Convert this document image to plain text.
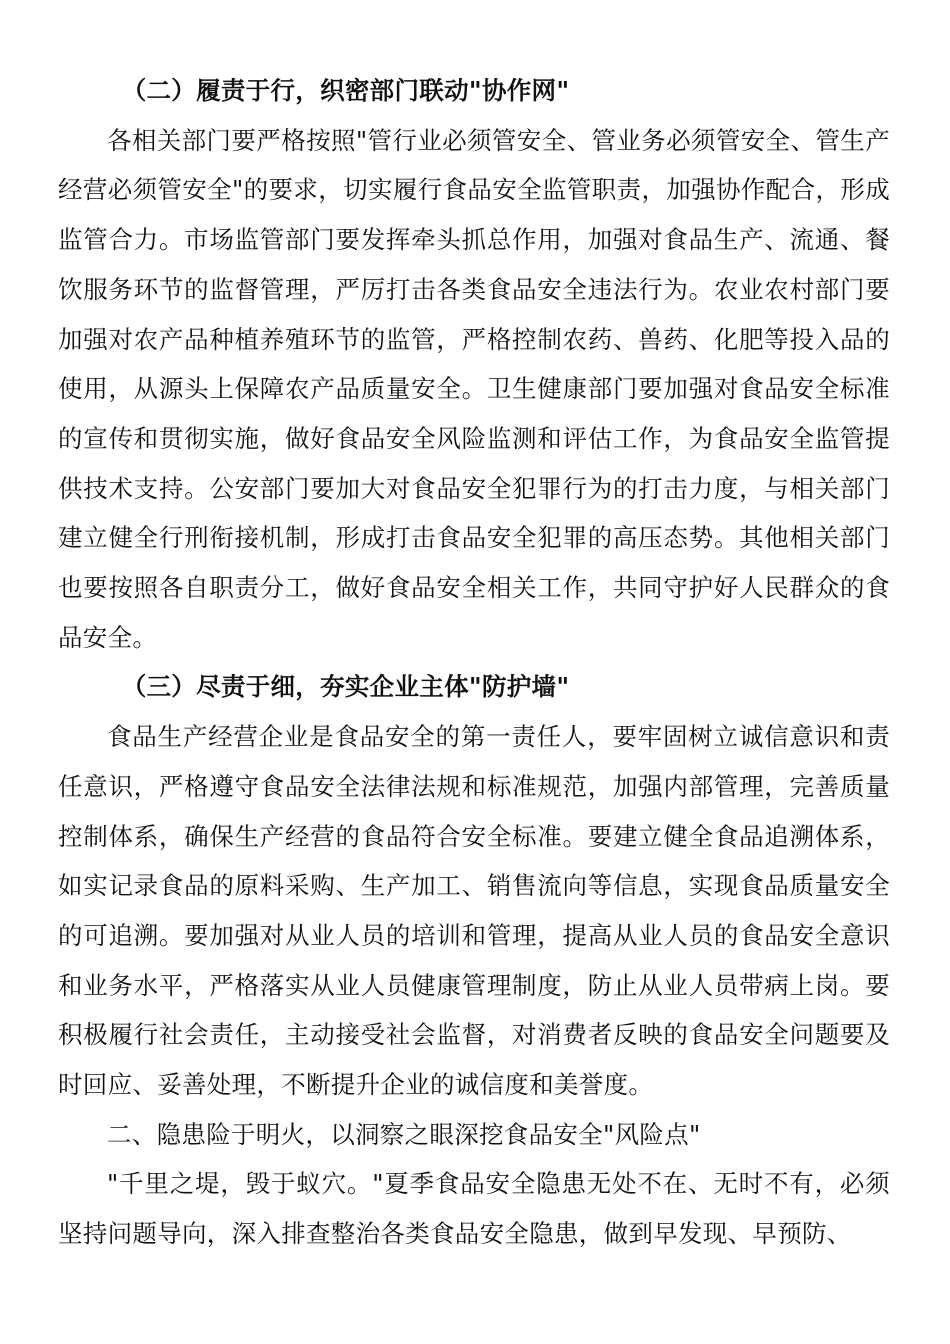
（二）履责于行，织密部门联动"协作网"

各相关部门要严格按照"管行业必须管安全、管业务必须管安全、管生产经营必须管安全"的要求，切实履行食品安全监管职责，加强协作配合，形成监管合力。市场监管部门要发挥牵头抓总作用，加强对食品生产、流通、餐饮服务环节的监督管理，严厉打击各类食品安全违法行为。农业农村部门要加强对农产品种植养殖环节的监管，严格控制农药、兽药、化肥等投入品的使用，从源头上保障农产品质量安全。卫生健康部门要加强对食品安全标准的宣传和贯彻实施，做好食品安全风险监测和评估工作，为食品安全监管提供技术支持。公安部门要加大对食品安全犯罪行为的打击力度，与相关部门建立健全行刑衔接机制，形成打击食品安全犯罪的高压态势。其他相关部门也要按照各自职责分工，做好食品安全相关工作，共同守护好人民群众的食品安全。

（三）尽责于细，夯实企业主体"防护墙"

食品生产经营企业是食品安全的第一责任人，要牢固树立诚信意识和责任意识，严格遵守食品安全法律法规和标准规范，加强内部管理，完善质量控制体系，确保生产经营的食品符合安全标准。要建立健全食品追溯体系，如实记录食品的原料采购、生产加工、销售流向等信息，实现食品质量安全的可追溯。要加强对从业人员的培训和管理，提高从业人员的食品安全意识和业务水平，严格落实从业人员健康管理制度，防止从业人员带病上岗。要积极履行社会责任，主动接受社会监督，对消费者反映的食品安全问题要及时回应、妥善处理，不断提升企业的诚信度和美誉度。

二、隐患险于明火，以洞察之眼深挖食品安全"风险点"

"千里之堤，毁于蚁穴。"夏季食品安全隐患无处不在、无时不有，必须坚持问题导向，深入排查整治各类食品安全隐患，做到早发现、早预防、
